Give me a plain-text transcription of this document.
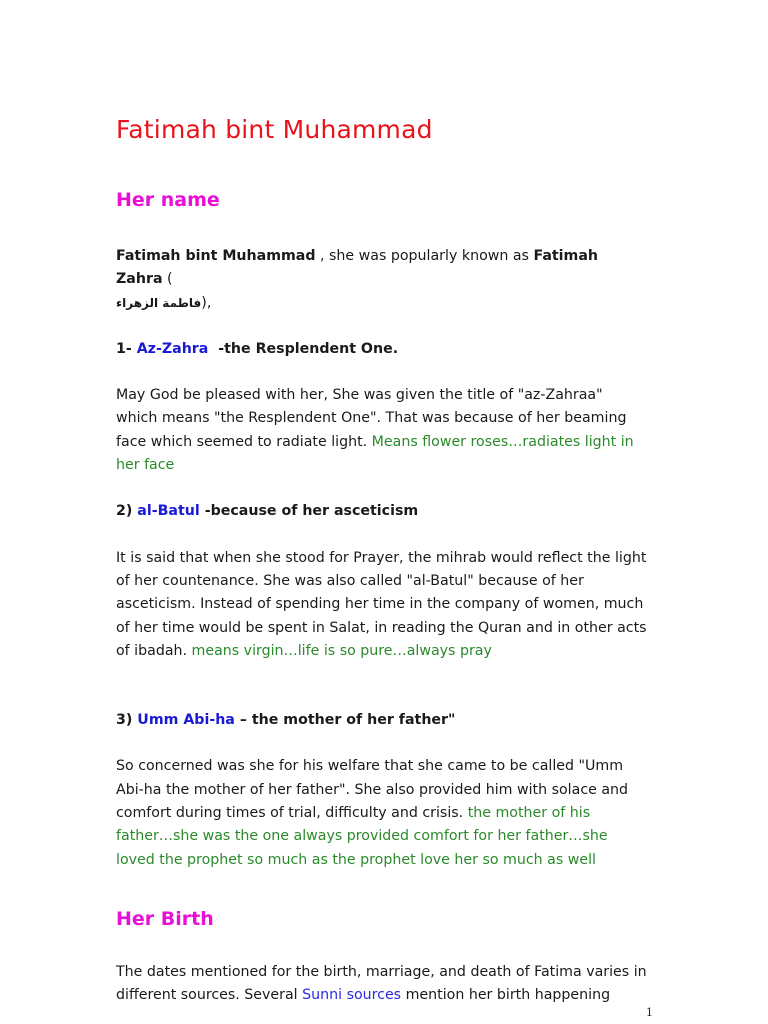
Fatimah bint Muhammad
Her name

Fatimah bint Muhammad , she was popularly known as Fatimah Zahra (
فاطمة الزهراء),

1- Az-Zahra  -the Resplendent One.

May God be pleased with her, She was given the title of "az-Zahraa" which means "the Resplendent One". That was because of her beaming face which seemed to radiate light. Means flower roses…radiates light in her face

2) al-Batul -because of her asceticism

It is said that when she stood for Prayer, the mihrab would reflect the light of her countenance. She was also called "al-Batul" because of her asceticism. Instead of spending her time in the company of women, much of her time would be spent in Salat, in reading the Quran and in other acts of ibadah. means virgin…life is so pure…always pray

3) Umm Abi-ha – the mother of her father"

So concerned was she for his welfare that she came to be called "Umm Abi-ha the mother of her father". She also provided him with solace and comfort during times of trial, difficulty and crisis. the mother of his father…she was the one always provided comfort for her father…she loved the prophet so much as the prophet love her so much as well

Her Birth

The dates mentioned for the birth, marriage, and death of Fatima varies in different sources. Several Sunni sources mention her birth happening

1
